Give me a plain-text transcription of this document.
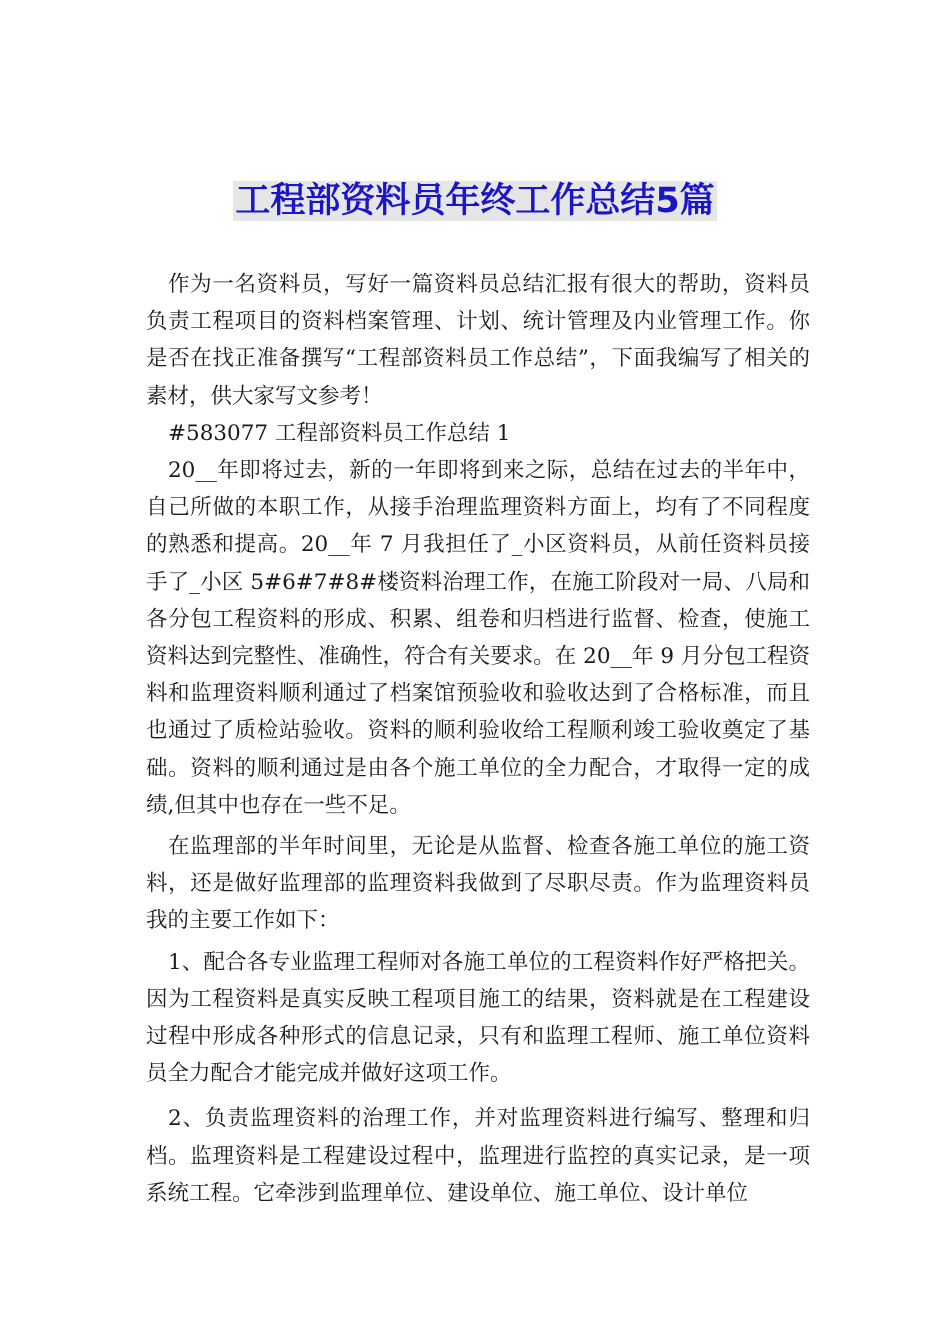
工程部资料员年终工作总结5篇

作为一名资料员，写好一篇资料员总结汇报有很大的帮助，资料员负责工程项目的资料档案管理、计划、统计管理及内业管理工作。你是否在找正准备撰写“工程部资料员工作总结”，下面我编写了相关的素材，供大家写文参考！

#583077 工程部资料员工作总结 1

20__年即将过去，新的一年即将到来之际，总结在过去的半年中，自己所做的本职工作，从接手治理监理资料方面上，均有了不同程度的熟悉和提高。20__年 7 月我担任了_小区资料员，从前任资料员接手了_小区 5#6#7#8#楼资料治理工作，在施工阶段对一局、八局和各分包工程资料的形成、积累、组卷和归档进行监督、检查，使施工资料达到完整性、准确性，符合有关要求。在 20__年 9 月分包工程资料和监理资料顺利通过了档案馆预验收和验收达到了合格标准，而且也通过了质检站验收。资料的顺利验收给工程顺利竣工验收奠定了基础。资料的顺利通过是由各个施工单位的全力配合，才取得一定的成绩,但其中也存在一些不足。

在监理部的半年时间里，无论是从监督、检查各施工单位的施工资料，还是做好监理部的监理资料我做到了尽职尽责。作为监理资料员我的主要工作如下：

1、配合各专业监理工程师对各施工单位的工程资料作好严格把关。因为工程资料是真实反映工程项目施工的结果，资料就是在工程建设过程中形成各种形式的信息记录，只有和监理工程师、施工单位资料员全力配合才能完成并做好这项工作。

2、负责监理资料的治理工作，并对监理资料进行编写、整理和归档。监理资料是工程建设过程中，监理进行监控的真实记录，是一项系统工程。它牵涉到监理单位、建设单位、施工单位、设计单位
